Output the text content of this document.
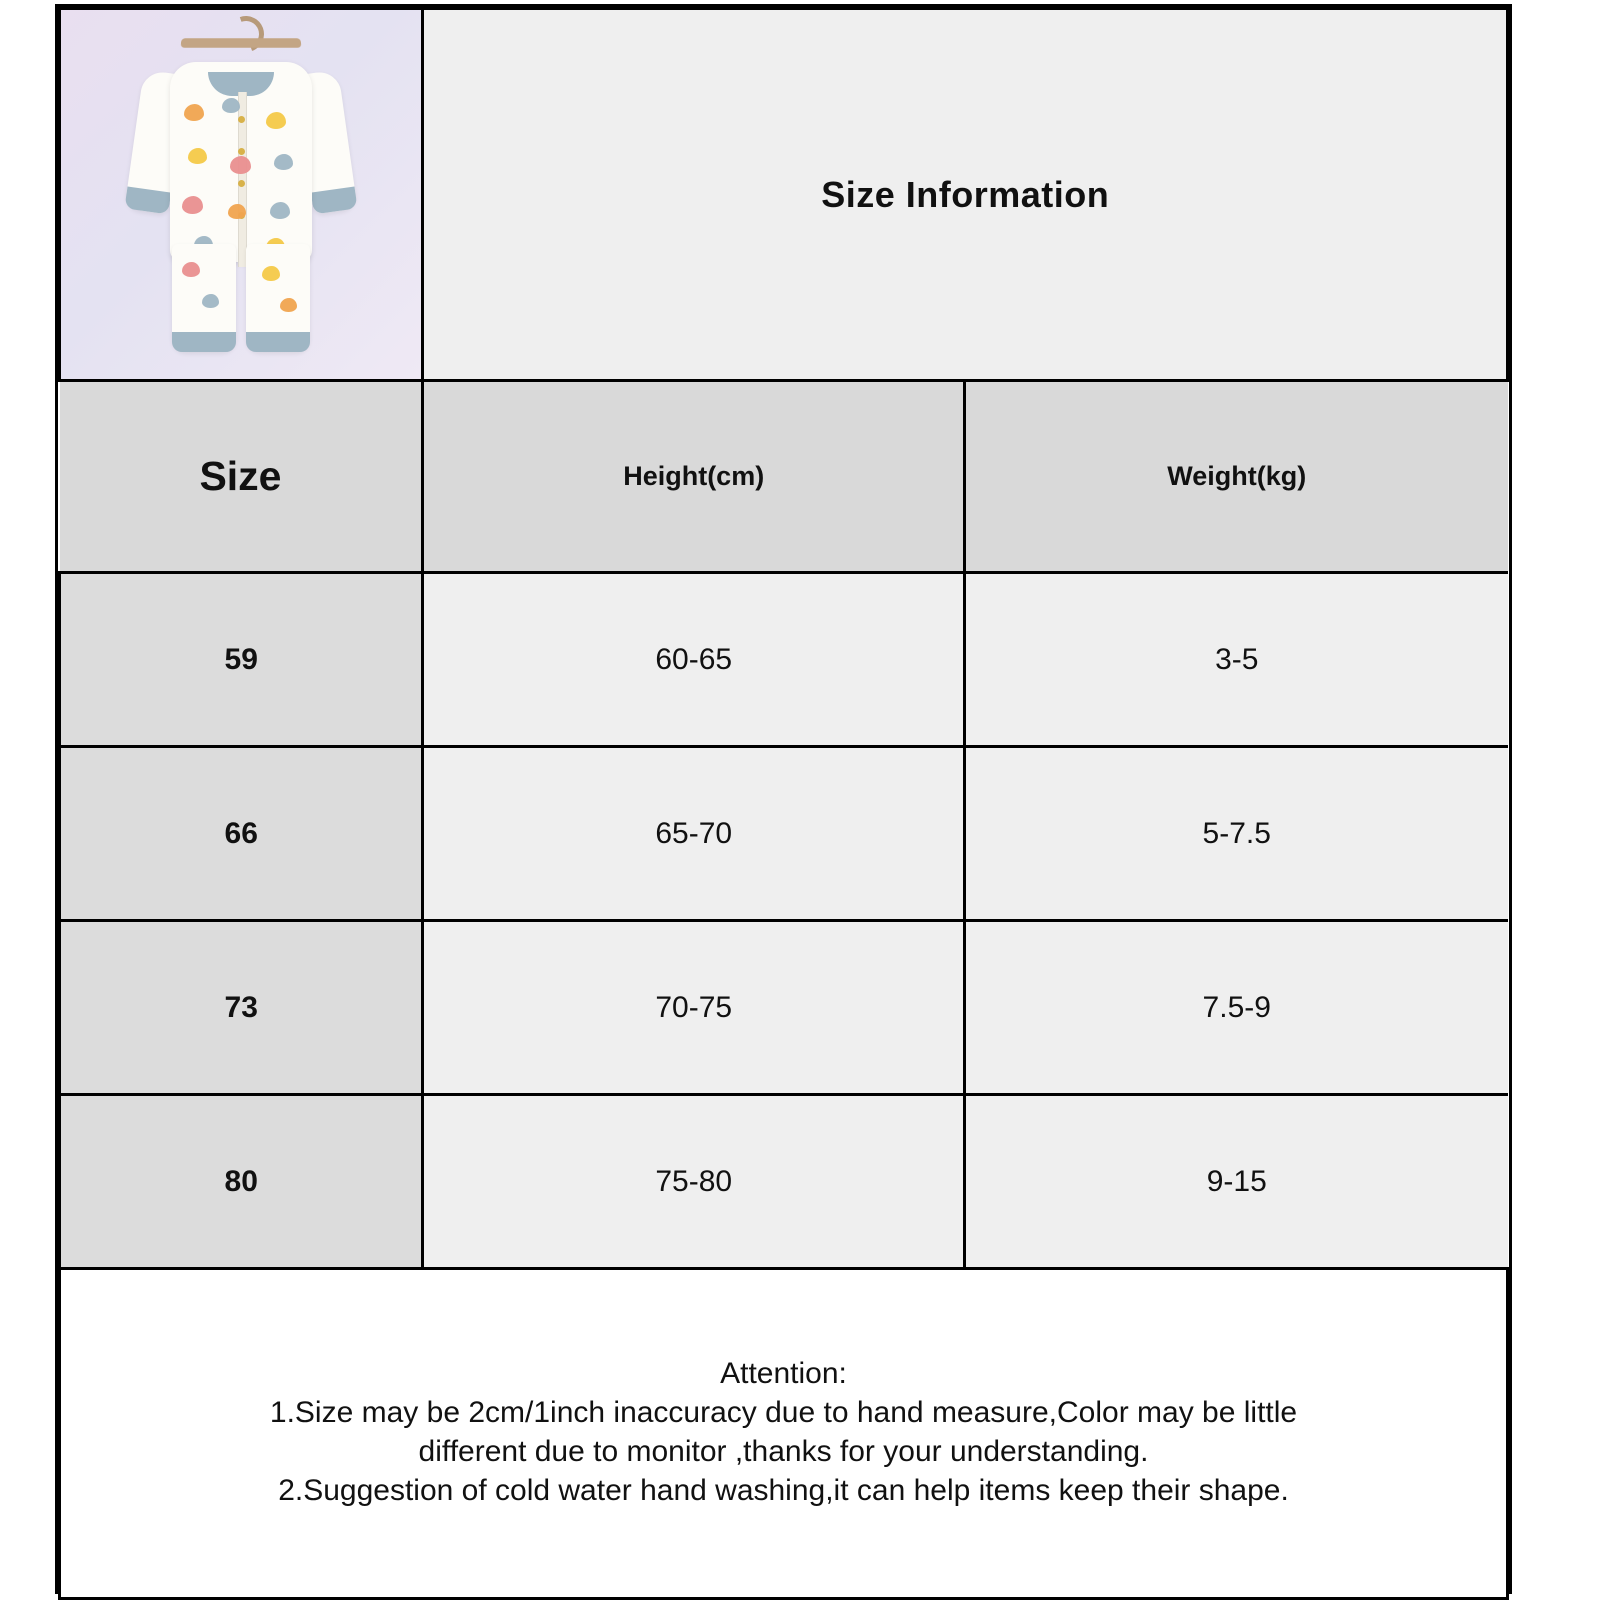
	Size Information	
Size	Height(cm)	Weight(kg)
59	60-65	3-5
66	65-70	5-7.5
73	70-75	7.5-9
80	75-80	9-15

Attention:
1.Size may be 2cm/1inch inaccuracy due to hand measure,Color may be little
different due to monitor ,thanks for your understanding.
2.Suggestion of cold water hand washing,it can help items keep their shape.		
